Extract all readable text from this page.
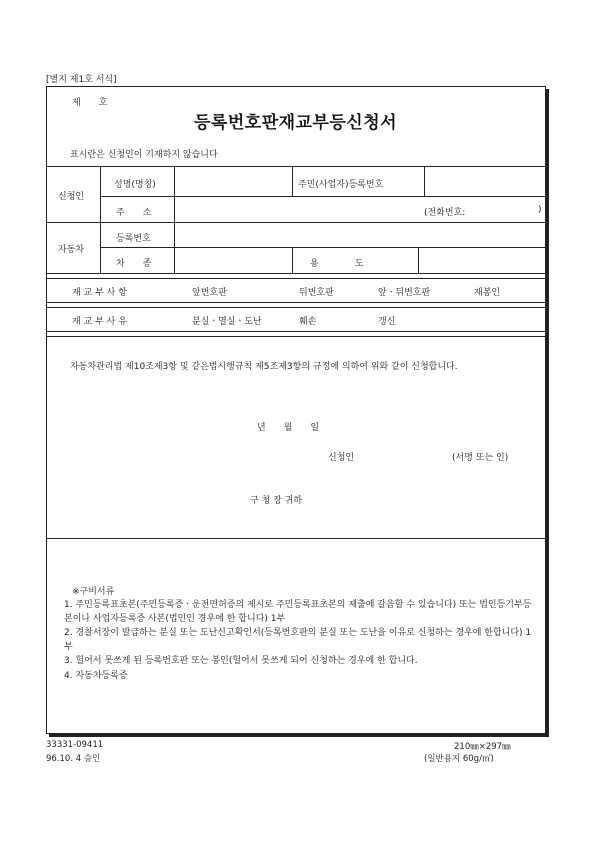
[별지 제1호 서식]
제　　호
등록번호판재교부등신청서
표시란은 신청인이 기재하지 않습니다
신청인
성명(명칭)	주민(사업자)등록번호
주　　소	(전화번호:	)
자동차
등록번호
차　　종	용　　　　도
재 교 부 사 항	앞번호판	뒤번호판	앞ㆍ뒤번호판	재봉인
재 교 부 사 유	분실ㆍ멸실ㆍ도난	훼손	갱신
자동차관리법 제10조제3항 및 같은법시행규칙 제5조제3항의 규정에 의하여 위와 같이 신청합니다.
년　　월　　일
신청인	(서명 또는 인)
구 청 장 귀하
※구비서류
1. 주민등록표초본(주민등록증ㆍ운전면허증의 제시로 주민등록표초본의 제출에 갈음할 수 있습니다) 또는 법인등기부등본이나 사업자등록증 사본(법인인 경우에 한 합니다) 1부
2. 경찰서장이 발급하는 분실 또는 도난신고확인서(등록번호판의 분실 또는 도난을 이유로 신청하는 경우에 한합니다) 1부
3. 헐어서 못쓰게 된 등록번호판 또는 봉인(헐어서 못쓰게 되어 신청하는 경우에 한 합니다.
4. 자동차등록증
33331-09411
96.10. 4 승인
210㎜×297㎜
(일반용지 60g/㎡)
